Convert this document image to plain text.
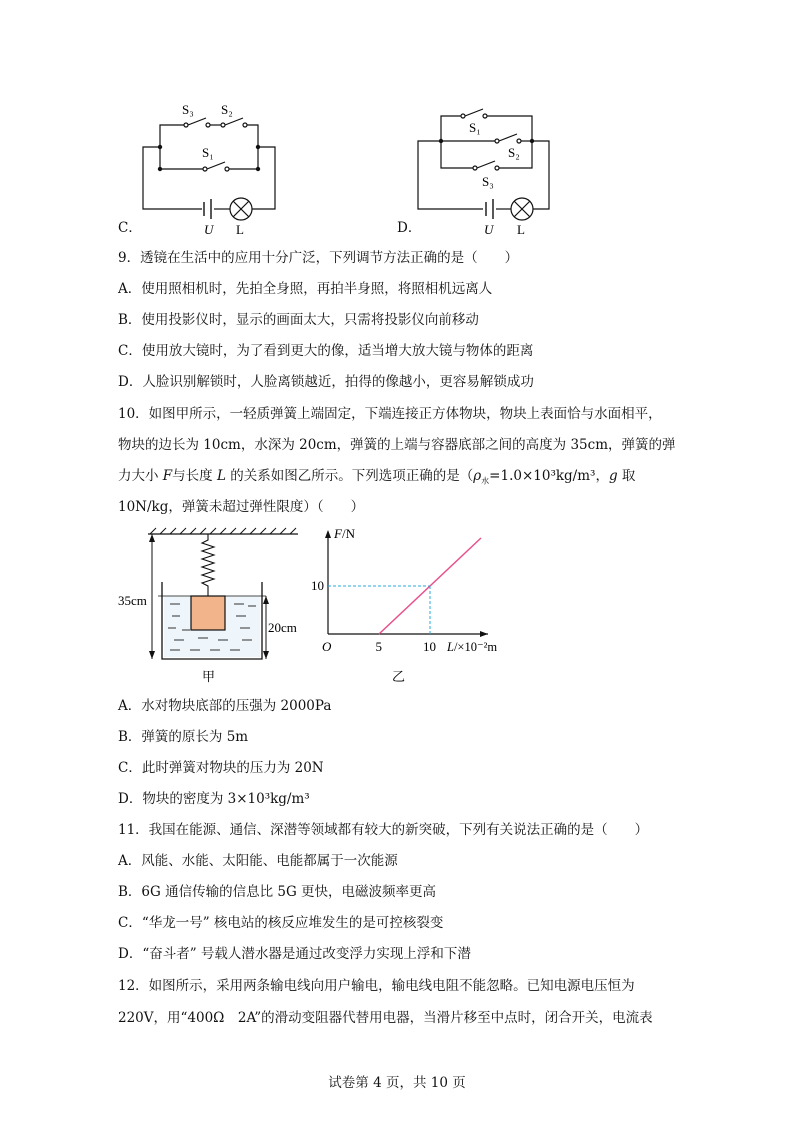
S₃ S₂
S₁
U L
C．
S₁
S₂
S₃
U L
D．
9．透镜在生活中的应用十分广泛，下列调节方法正确的是（　　）
A．使用照相机时，先拍全身照，再拍半身照，将照相机远离人
B．使用投影仪时，显示的画面太大，只需将投影仪向前移动
C．使用放大镜时，为了看到更大的像，适当增大放大镜与物体的距离
D．人脸识别解锁时，人脸离锁越近，拍得的像越小，更容易解锁成功
10．如图甲所示，一轻质弹簧上端固定，下端连接正方体物块，物块上表面恰与水面相平，
物块的边长为 10cm，水深为 20cm，弹簧的上端与容器底部之间的高度为 35cm，弹簧的弹
力大小 F与长度 L 的关系如图乙所示。下列选项正确的是（$\rho_水=1.0\times 10^3kg/m^3$，g 取
10N/kg，弹簧未超过弹性限度）（　　）
35cm
20cm
甲
10
5	10
F/N
L/×10⁻²m
O
乙
A．水对物块底部的压强为 2000Pa
B．弹簧的原长为 5m
C．此时弹簧对物块的压力为 20N
D．物块的密度为 3×10³kg/m³
11．我国在能源、通信、深潜等领域都有较大的新突破，下列有关说法正确的是（　　）
A．风能、水能、太阳能、电能都属于一次能源
B．6G 通信传输的信息比 5G 更快，电磁波频率更高
C．“华龙一号” 核电站的核反应堆发生的是可控核裂变
D．“奋斗者” 号载人潜水器是通过改变浮力实现上浮和下潜
12．如图所示，采用两条输电线向用户输电，输电线电阻不能忽略。已知电源电压恒为
220V，用“400Ω　2A”的滑动变阻器代替用电器，当滑片移至中点时，闭合开关，电流表
试卷第 4 页，共 10 页
